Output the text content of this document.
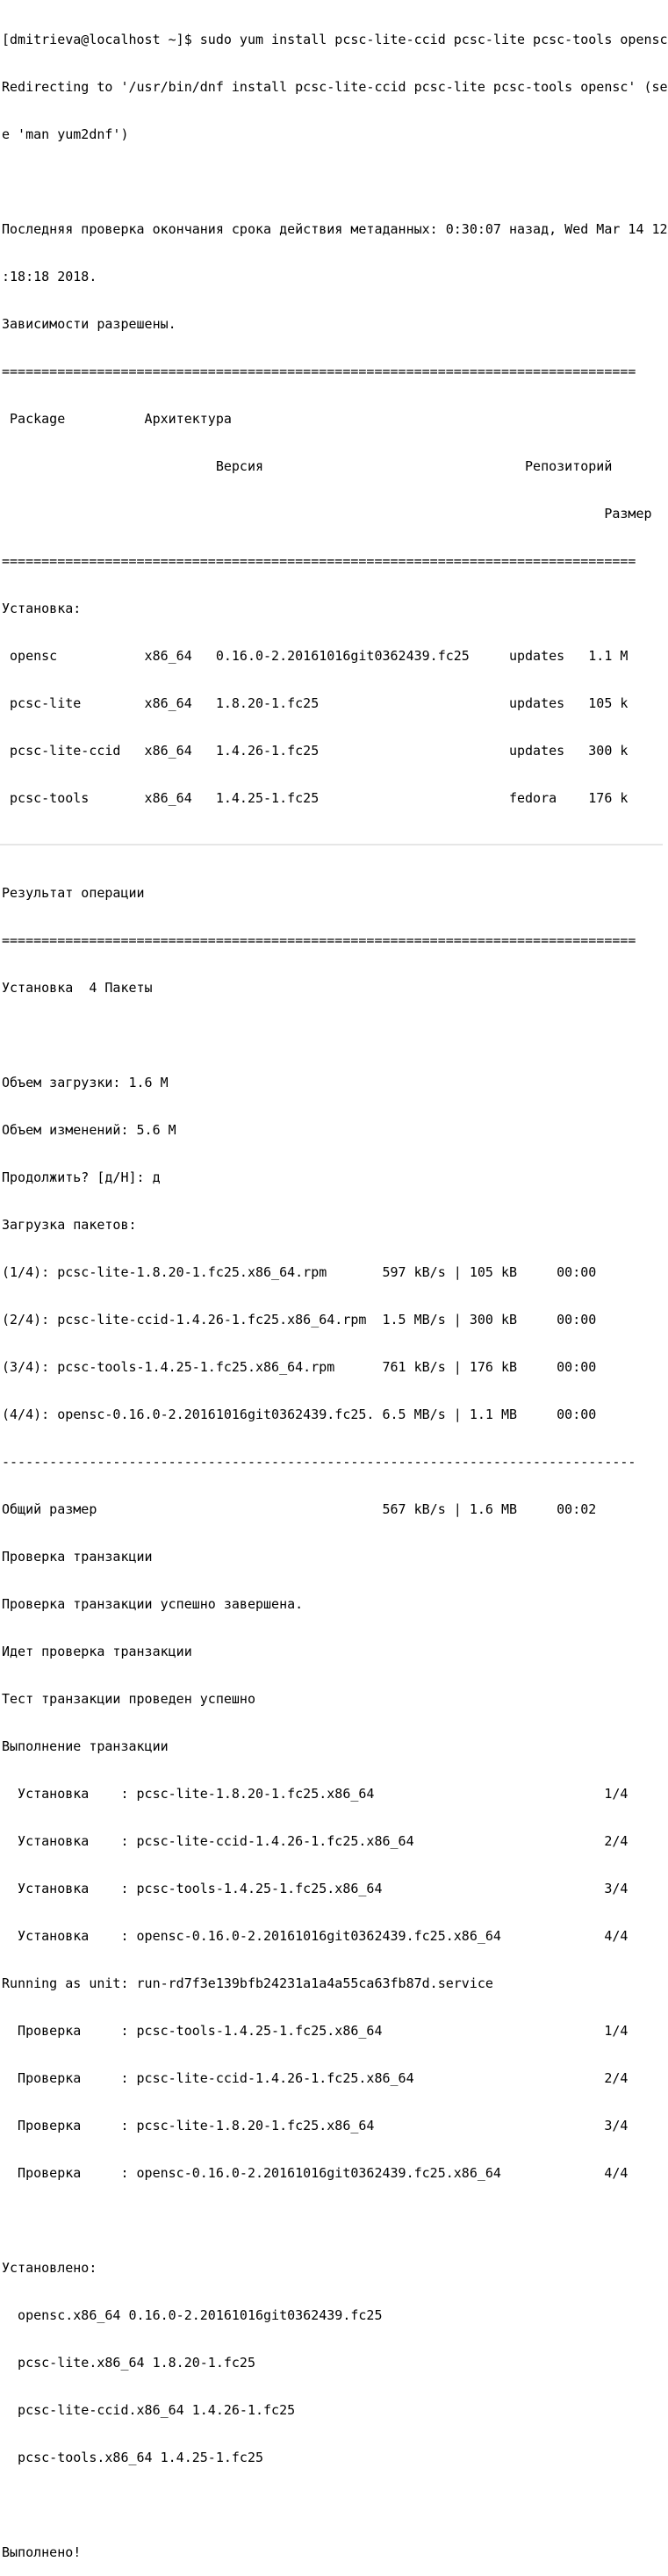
[dmitrieva@localhost ~]$ sudo yum install pcsc-lite-ccid pcsc-lite pcsc-tools opensc

Redirecting to '/usr/bin/dnf install pcsc-lite-ccid pcsc-lite pcsc-tools opensc' (se

e 'man yum2dnf')

Последняя проверка окончания срока действия метаданных: 0:30:07 назад, Wed Mar 14 12

:18:18 2018.

Зависимости разрешены.

================================================================================

Package          Архитектура

Версия                                 Репозиторий

Размер

================================================================================

Установка:

opensc           x86_64   0.16.0-2.20161016git0362439.fc25     updates   1.1 M

pcsc-lite        x86_64   1.8.20-1.fc25                        updates   105 k

pcsc-lite-ccid   x86_64   1.4.26-1.fc25                        updates   300 k

pcsc-tools       x86_64   1.4.25-1.fc25                        fedora    176 k

Результат операции

================================================================================

Установка  4 Пакеты

Объем загрузки: 1.6 M

Объем изменений: 5.6 M

Продолжить? [д/Н]: д

Загрузка пакетов:

(1/4): pcsc-lite-1.8.20-1.fc25.x86_64.rpm       597 kB/s | 105 kB     00:00

(2/4): pcsc-lite-ccid-1.4.26-1.fc25.x86_64.rpm  1.5 MB/s | 300 kB     00:00

(3/4): pcsc-tools-1.4.25-1.fc25.x86_64.rpm      761 kB/s | 176 kB     00:00

(4/4): opensc-0.16.0-2.20161016git0362439.fc25. 6.5 MB/s | 1.1 MB     00:00

--------------------------------------------------------------------------------

Общий размер                                    567 kB/s | 1.6 MB     00:02

Проверка транзакции

Проверка транзакции успешно завершена.

Идет проверка транзакции

Тест транзакции проведен успешно

Выполнение транзакции

Установка    : pcsc-lite-1.8.20-1.fc25.x86_64                             1/4

Установка    : pcsc-lite-ccid-1.4.26-1.fc25.x86_64                        2/4

Установка    : pcsc-tools-1.4.25-1.fc25.x86_64                            3/4

Установка    : opensc-0.16.0-2.20161016git0362439.fc25.x86_64             4/4

Running as unit: run-rd7f3e139bfb24231a1a4a55ca63fb87d.service

Проверка     : pcsc-tools-1.4.25-1.fc25.x86_64                            1/4

Проверка     : pcsc-lite-ccid-1.4.26-1.fc25.x86_64                        2/4

Проверка     : pcsc-lite-1.8.20-1.fc25.x86_64                             3/4

Проверка     : opensc-0.16.0-2.20161016git0362439.fc25.x86_64             4/4

Установлено:

opensc.x86_64 0.16.0-2.20161016git0362439.fc25

pcsc-lite.x86_64 1.8.20-1.fc25

pcsc-lite-ccid.x86_64 1.4.26-1.fc25

pcsc-tools.x86_64 1.4.25-1.fc25

Выполнено!
